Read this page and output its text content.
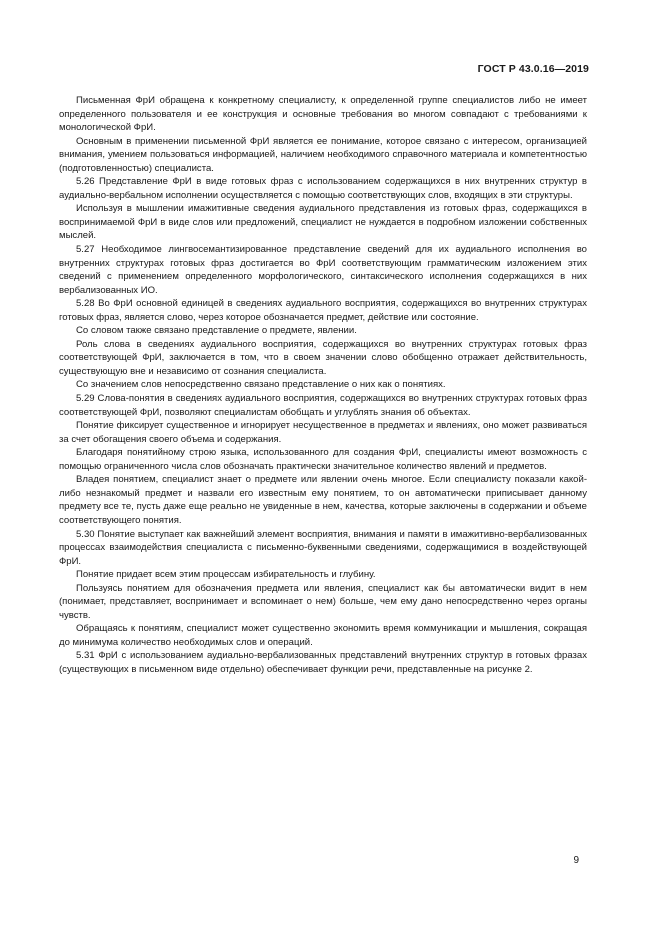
ГОСТ Р 43.0.16—2019

Письменная ФрИ обращена к конкретному специалисту, к определенной группе специалистов либо не имеет определенного пользователя и ее конструкция и основные требования во многом совпадают с требованиями к монологической ФрИ.

Основным в применении письменной ФрИ является ее понимание, которое связано с интересом, организацией внимания, умением пользоваться информацией, наличием необходимого справочного материала и компетентностью (подготовленностью) специалиста.

5.26 Представление ФрИ в виде готовых фраз с использованием содержащихся в них внутренних структур в аудиально-вербальном исполнении осуществляется с помощью соответствующих слов, входящих в эти структуры.

Используя в мышлении имажитивные сведения аудиального представления из готовых фраз, содержащихся в воспринимаемой ФрИ в виде слов или предложений, специалист не нуждается в подробном изложении собственных мыслей.

5.27 Необходимое лингвосемантизированное представление сведений для их аудиального исполнения во внутренних структурах готовых фраз достигается во ФрИ соответствующим грамматическим изложением этих сведений с применением определенного морфологического, синтаксического исполнения содержащихся в них вербализованных ИО.

5.28 Во ФрИ основной единицей в сведениях аудиального восприятия, содержащихся во внутренних структурах готовых фраз, является слово, через которое обозначается предмет, действие или состояние.

Со словом также связано представление о предмете, явлении.

Роль слова в сведениях аудиального восприятия, содержащихся во внутренних структурах готовых фраз соответствующей ФрИ, заключается в том, что в своем значении слово обобщенно отражает действительность, существующую вне и независимо от сознания специалиста.

Со значением слов непосредственно связано представление о них как о понятиях.

5.29 Слова-понятия в сведениях аудиального восприятия, содержащихся во внутренних структурах готовых фраз соответствующей ФрИ, позволяют специалистам обобщать и углублять знания об объектах.

Понятие фиксирует существенное и игнорирует несущественное в предметах и явлениях, оно может развиваться за счет обогащения своего объема и содержания.

Благодаря понятийному строю языка, использованного для создания ФрИ, специалисты имеют возможность с помощью ограниченного числа слов обозначать практически значительное количество явлений и предметов.

Владея понятием, специалист знает о предмете или явлении очень многое. Если специалисту показали какой-либо незнакомый предмет и назвали его известным ему понятием, то он автоматически приписывает данному предмету все те, пусть даже еще реально не увиденные в нем, качества, которые заключены в содержании и объеме соответствующего понятия.

5.30 Понятие выступает как важнейший элемент восприятия, внимания и памяти в имажитивно-вербализованных процессах взаимодействия специалиста с письменно-буквенными сведениями, содержащимися в воздействующей ФрИ.

Понятие придает всем этим процессам избирательность и глубину.

Пользуясь понятием для обозначения предмета или явления, специалист как бы автоматически видит в нем (понимает, представляет, воспринимает и вспоминает о нем) больше, чем ему дано непосредственно через органы чувств.

Обращаясь к понятиям, специалист может существенно экономить время коммуникации и мышления, сокращая до минимума количество необходимых слов и операций.

5.31 ФрИ с использованием аудиально-вербализованных представлений внутренних структур в готовых фразах (существующих в письменном виде отдельно) обеспечивает функции речи, представленные на рисунке 2.

9
